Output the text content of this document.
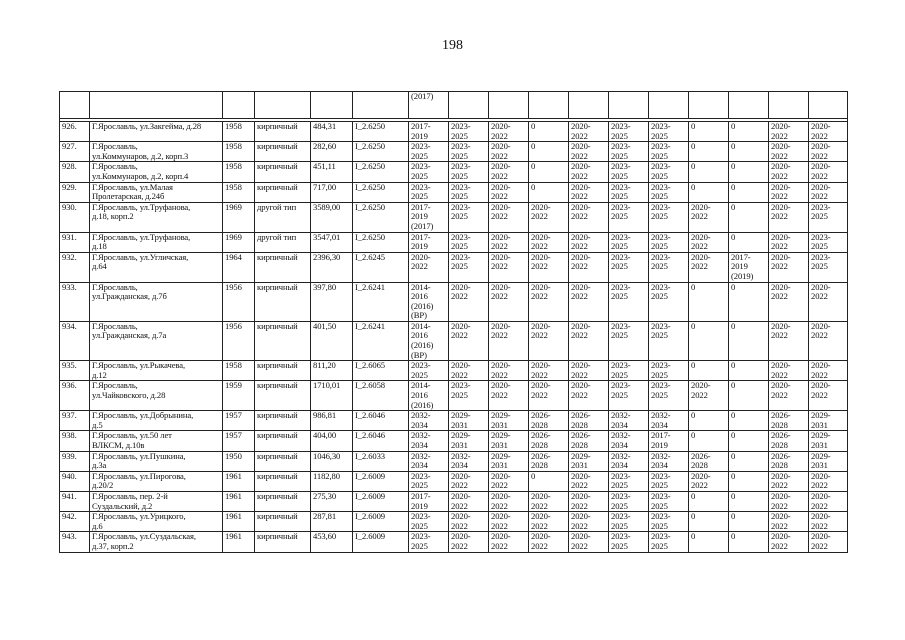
198
						(2017)										

926.	Г.Ярославль, ул.Закгейма, д.28	1958	кирпичный	484,31	I_2.6250	2017-
2019	2023-
2025	2020-
2022	0	2020-
2022	2023-
2025	2023-
2025	0	0	2020-
2022	2020-
2022
927.	Г.Ярославль,
ул.Коммунаров, д.2, корп.3	1958	кирпичный	282,60	I_2.6250	2023-
2025	2023-
2025	2020-
2022	0	2020-
2022	2023-
2025	2023-
2025	0	0	2020-
2022	2020-
2022
928.	Г.Ярославль,
ул.Коммунаров, д.2, корп.4	1958	кирпичный	451,11	I_2.6250	2023-
2025	2023-
2025	2020-
2022	0	2020-
2022	2023-
2025	2023-
2025	0	0	2020-
2022	2020-
2022
929.	Г.Ярославль, ул.Малая
Пролетарская, д.24б	1958	кирпичный	717,00	I_2.6250	2023-
2025	2023-
2025	2020-
2022	0	2020-
2022	2023-
2025	2023-
2025	0	0	2020-
2022	2020-
2022
930.	Г.Ярославль, ул.Труфанова,
д.18, корп.2	1969	другой тип	3589,00	I_2.6250	2017-
2019
(2017)	2023-
2025	2020-
2022	2020-
2022	2020-
2022	2023-
2025	2023-
2025	2020-
2022	0	2020-
2022	2023-
2025
931.	Г.Ярославль, ул.Труфанова,
д.18	1969	другой тип	3547,01	I_2.6250	2017-
2019	2023-
2025	2020-
2022	2020-
2022	2020-
2022	2023-
2025	2023-
2025	2020-
2022	0	2020-
2022	2023-
2025
932.	Г.Ярославль, ул.Угличская,
д.64	1964	кирпичный	2396,30	I_2.6245	2020-
2022	2023-
2025	2020-
2022	2020-
2022	2020-
2022	2023-
2025	2023-
2025	2020-
2022	2017-
2019
(2019)	2020-
2022	2023-
2025
933.	Г.Ярославль,
ул.Гражданская, д.7б	1956	кирпичный	397,80	I_2.6241	2014-
2016
(2016)
(ВР)	2020-
2022	2020-
2022	2020-
2022	2020-
2022	2023-
2025	2023-
2025	0	0	2020-
2022	2020-
2022
934.	Г.Ярославль,
ул.Гражданская, д.7а	1956	кирпичный	401,50	I_2.6241	2014-
2016
(2016)
(ВР)	2020-
2022	2020-
2022	2020-
2022	2020-
2022	2023-
2025	2023-
2025	0	0	2020-
2022	2020-
2022
935.	Г.Ярославль, ул.Рыкачева,
д.12	1958	кирпичный	811,20	I_2.6065	2023-
2025	2020-
2022	2020-
2022	2020-
2022	2020-
2022	2023-
2025	2023-
2025	0	0	2020-
2022	2020-
2022
936.	Г.Ярославль,
ул.Чайковского, д.28	1959	кирпичный	1710,01	I_2.6058	2014-
2016
(2016)	2023-
2025	2020-
2022	2020-
2022	2020-
2022	2023-
2025	2023-
2025	2020-
2022	0	2020-
2022	2020-
2022
937.	Г.Ярославль, ул.Добрынина,
д.5	1957	кирпичный	986,81	I_2.6046	2032-
2034	2029-
2031	2029-
2031	2026-
2028	2026-
2028	2032-
2034	2032-
2034	0	0	2026-
2028	2029-
2031
938.	Г.Ярославль, ул.50 лет
ВЛКСМ, д.10в	1957	кирпичный	404,00	I_2.6046	2032-
2034	2029-
2031	2029-
2031	2026-
2028	2026-
2028	2032-
2034	2017-
2019	0	0	2026-
2028	2029-
2031
939.	Г.Ярославль, ул.Пушкина,
д.3а	1950	кирпичный	1046,30	I_2.6033	2032-
2034	2032-
2034	2029-
2031	2026-
2028	2029-
2031	2032-
2034	2032-
2034	2026-
2028	0	2026-
2028	2029-
2031
940.	Г.Ярославль, ул.Пирогова,
д.20/2	1961	кирпичный	1182,80	I_2.6009	2023-
2025	2020-
2022	2020-
2022	0	2020-
2022	2023-
2025	2023-
2025	2020-
2022	0	2020-
2022	2020-
2022
941.	Г.Ярославль, пер. 2-й
Суздальский, д.2	1961	кирпичный	275,30	I_2.6009	2017-
2019	2020-
2022	2020-
2022	2020-
2022	2020-
2022	2023-
2025	2023-
2025	0	0	2020-
2022	2020-
2022
942.	Г.Ярославль, ул.Урицкого,
д.6	1961	кирпичный	287,81	I_2.6009	2023-
2025	2020-
2022	2020-
2022	2020-
2022	2020-
2022	2023-
2025	2023-
2025	0	0	2020-
2022	2020-
2022
943.	Г.Ярославль, ул.Суздальская,
д.37, корп.2	1961	кирпичный	453,60	I_2.6009	2023-
2025	2020-
2022	2020-
2022	2020-
2022	2020-
2022	2023-
2025	2023-
2025	0	0	2020-
2022	2020-
2022
